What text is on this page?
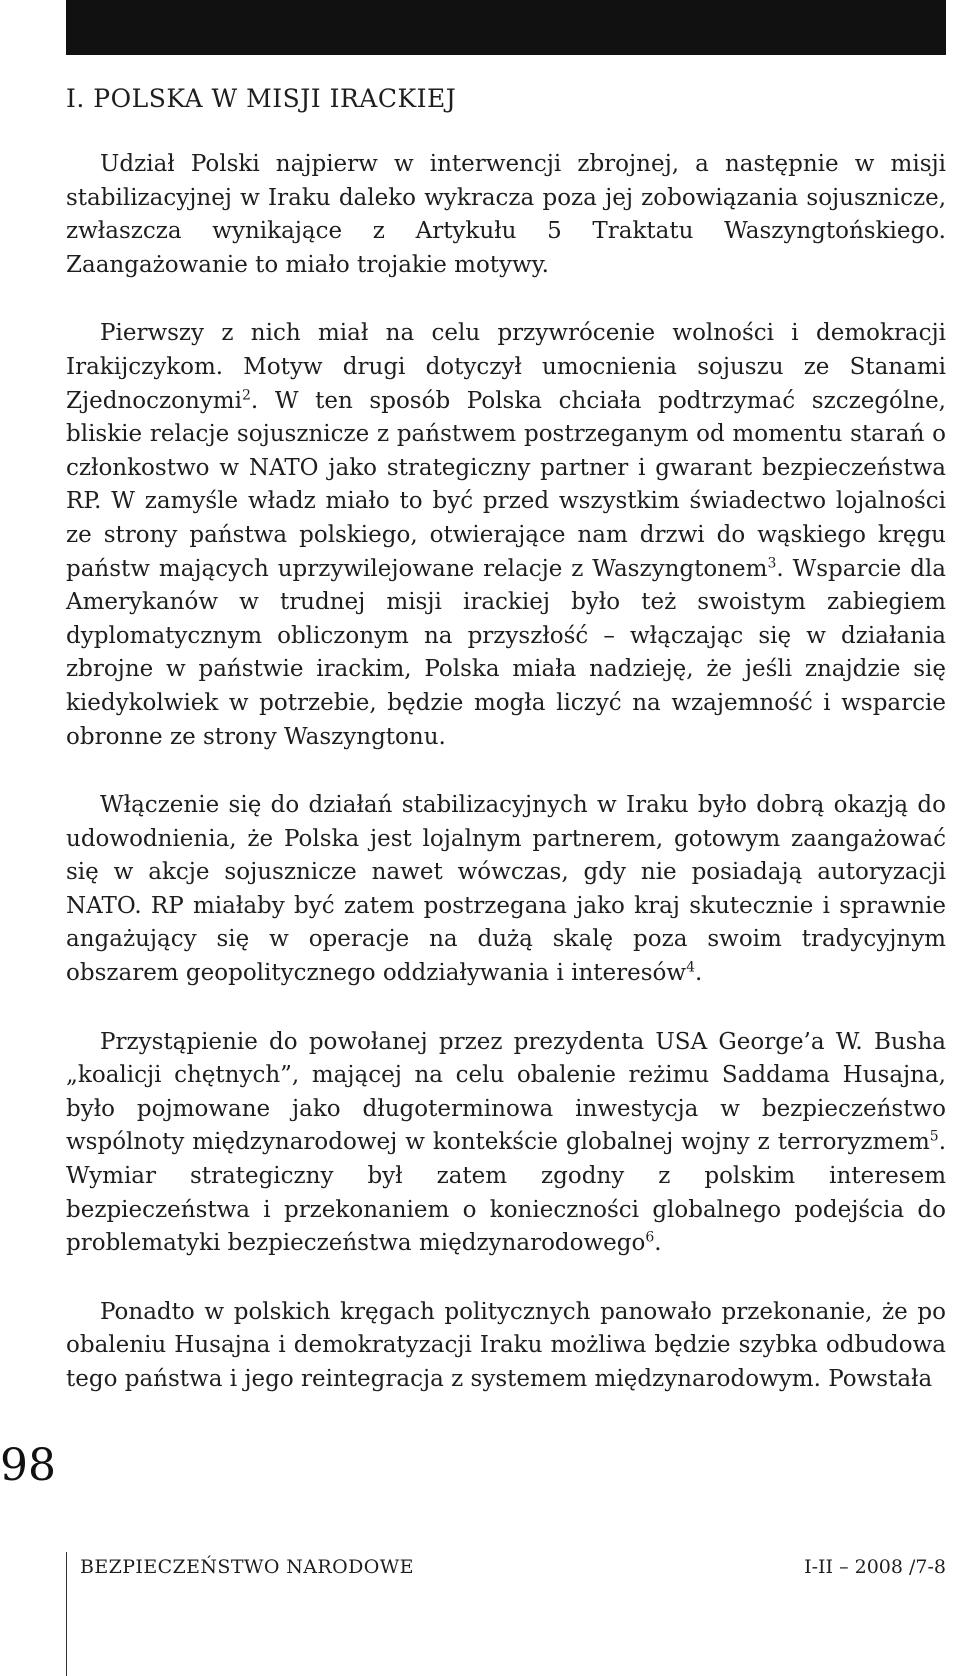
I. POLSKA W MISJI IRACKIEJ

Udział Polski najpierw w interwencji zbrojnej, a następnie w misji stabilizacyjnej w Iraku daleko wykracza poza jej zobowiązania sojusznicze, zwłaszcza wynikające z Artykułu 5 Traktatu Waszyngtońskiego. Zaangażowanie to miało trojakie motywy.

Pierwszy z nich miał na celu przywrócenie wolności i demokracji Irakijczykom. Motyw drugi dotyczył umocnienia sojuszu ze Stanami Zjednoczonymi$^2$. W ten sposób Polska chciała podtrzymać szczególne, bliskie relacje sojusznicze z państwem postrzeganym od momentu starań o członkostwo w NATO jako strategiczny partner i gwarant bezpieczeństwa RP. W zamyśle władz miało to być przed wszystkim świadectwo lojalności ze strony państwa polskiego, otwierające nam drzwi do wąskiego kręgu państw mających uprzywilejowane relacje z Waszyngtonem$^3$. Wsparcie dla Amerykanów w trudnej misji irackiej było też swoistym zabiegiem dyplomatycznym obliczonym na przyszłość – włączając się w działania zbrojne w państwie irackim, Polska miała nadzieję, że jeśli znajdzie się kiedykolwiek w potrzebie, będzie mogła liczyć na wzajemność i wsparcie obronne ze strony Waszyngtonu.

Włączenie się do działań stabilizacyjnych w Iraku było dobrą okazją do udowodnienia, że Polska jest lojalnym partnerem, gotowym zaangażować się w akcje sojusznicze nawet wówczas, gdy nie posiadają autoryzacji NATO. RP miałaby być zatem postrzegana jako kraj skutecznie i sprawnie angażujący się w operacje na dużą skalę poza swoim tradycyjnym obszarem geopolitycznego oddziaływania i interesów$^4$.

Przystąpienie do powołanej przez prezydenta USA George’a W. Busha „koalicji chętnych”, mającej na celu obalenie reżimu Saddama Husajna, było pojmowane jako długoterminowa inwestycja w bezpieczeństwo wspólnoty międzynarodowej w kontekście globalnej wojny z terroryzmem$^5$. Wymiar strategiczny był zatem zgodny z polskim interesem bezpieczeństwa i przekonaniem o konieczności globalnego podejścia do problematyki bezpieczeństwa międzynarodowego$^6$.

Ponadto w polskich kręgach politycznych panowało przekonanie, że po obaleniu Husajna i demokratyzacji Iraku możliwa będzie szybka odbudowa tego państwa i jego reintegracja z systemem międzynarodowym. Powstała

98
BEZPIECZEŃSTWO NARODOWE	I-II – 2008 /7-8
